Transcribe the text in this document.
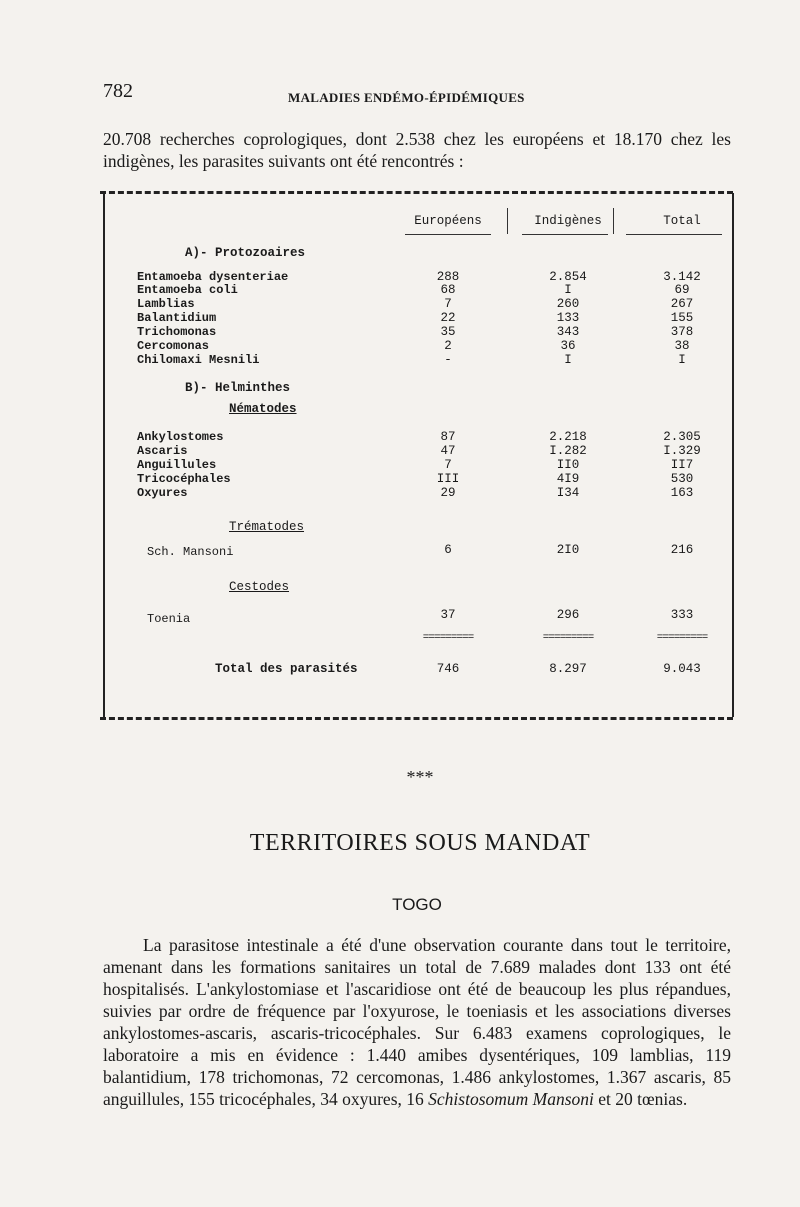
782	MALADIES ENDÉMO-ÉPIDÉMIQUES
20.708 recherches coprologiques, dont 2.538 chez les européens et 18.170 chez les indigènes, les parasites suivants ont été rencontrés :
Européens	Indigènes	Total
A)- Protozoaires
Entamoeba dysenteriae	288	2.854	3.142
Entamoeba coli	68	I	69
Lamblias	7	260	267
Balantidium	22	133	155
Trichomonas	35	343	378
Cercomonas	2	36	38
Chilomaxi Mesnili	-	I	I
B)- Helminthes
Nématodes
Ankylostomes	87	2.218	2.305
Ascaris	47	I.282	I.329
Anguillules	7	II0	II7
Tricocéphales	III	4I9	530
Oxyures	29	I34	163
Trématodes
Sch. Mansoni	6	2I0	216
Cestodes
Toenia	37	296	333
=========	=========	=========
Total des parasités	746	8.297	9.043
***
TERRITOIRES SOUS MANDAT
TOGO
La parasitose intestinale a été d'une observation courante dans tout le territoire, amenant dans les formations sanitaires un total de 7.689 malades dont 133 ont été hospitalisés. L'ankylostomiase et l'ascaridiose ont été de beaucoup les plus répandues, suivies par ordre de fréquence par l'oxyurose, le toeniasis et les associations diverses ankylostomes-ascaris, ascaris-tricocéphales. Sur 6.483 examens coprologiques, le laboratoire a mis en évidence : 1.440 amibes dysentériques, 109 lamblias, 119 balantidium, 178 trichomonas, 72 cercomonas, 1.486 ankylostomes, 1.367 ascaris, 85 anguillules, 155 tricocéphales, 34 oxyures, 16 Schistosomum Mansoni et 20 tœnias.
